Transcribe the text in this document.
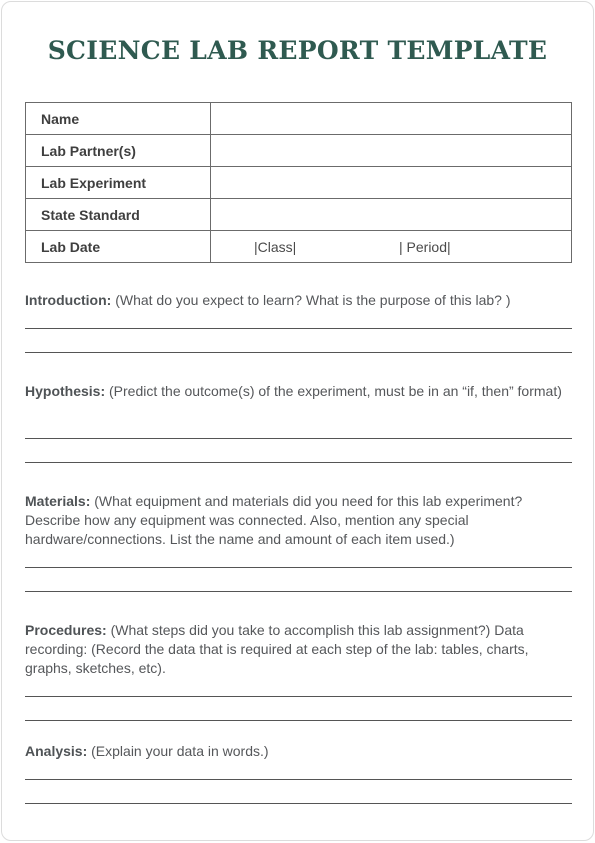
SCIENCE LAB REPORT TEMPLATE
Name	
Lab Partner(s)	
Lab Experiment	
State Standard	
Lab Date	|Class| | Period|
Introduction: (What do you expect to learn? What is the purpose of this lab? )
Hypothesis: (Predict the outcome(s) of the experiment, must be in an “if, then” format)
Materials: (What equipment and materials did you need for this lab experiment? Describe how any equipment was connected. Also, mention any special hardware/connections. List the name and amount of each item used.)
Procedures: (What steps did you take to accomplish this lab assignment?) Data recording: (Record the data that is required at each step of the lab: tables, charts, graphs, sketches, etc).
Analysis: (Explain your data in words.)
